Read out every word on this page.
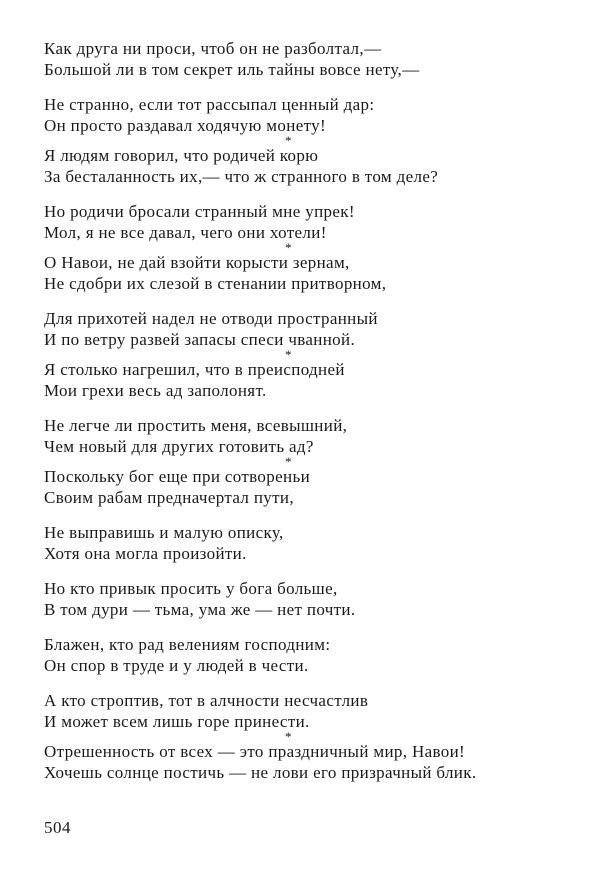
Как друга ни проси, чтоб он не разболтал,—
Большой ли в том секрет иль тайны вовсе нету,—
Не странно, если тот рассыпал ценный дар:
Он просто раздавал ходячую монету!
*
Я людям говорил, что родичей корю
За бесталанность их,— что ж странного в том деле?
Но родичи бросали странный мне упрек!
Мол, я не все давал, чего они хотели!
*
О Навои, не дай взойти корысти зернам,
Не сдобри их слезой в стенании притворном,
Для прихотей надел не отводи пространный
И по ветру развей запасы спеси чванной.
*
Я столько нагрешил, что в преисподней
Мои грехи весь ад заполонят.
Не легче ли простить меня, всевышний,
Чем новый для других готовить ад?
*
Поскольку бог еще при сотвореньи
Своим рабам предначертал пути,
Не выправишь и малую описку,
Хотя она могла произойти.
Но кто привык просить у бога больше,
В том дури — тьма, ума же — нет почти.
Блажен, кто рад велениям господним:
Он спор в труде и у людей в чести.
А кто строптив, тот в алчности несчастлив
И может всем лишь горе принести.
*
Отрешенность от всех — это праздничный мир, Навои!
Хочешь солнце постичь — не лови его призрачный блик.
504
